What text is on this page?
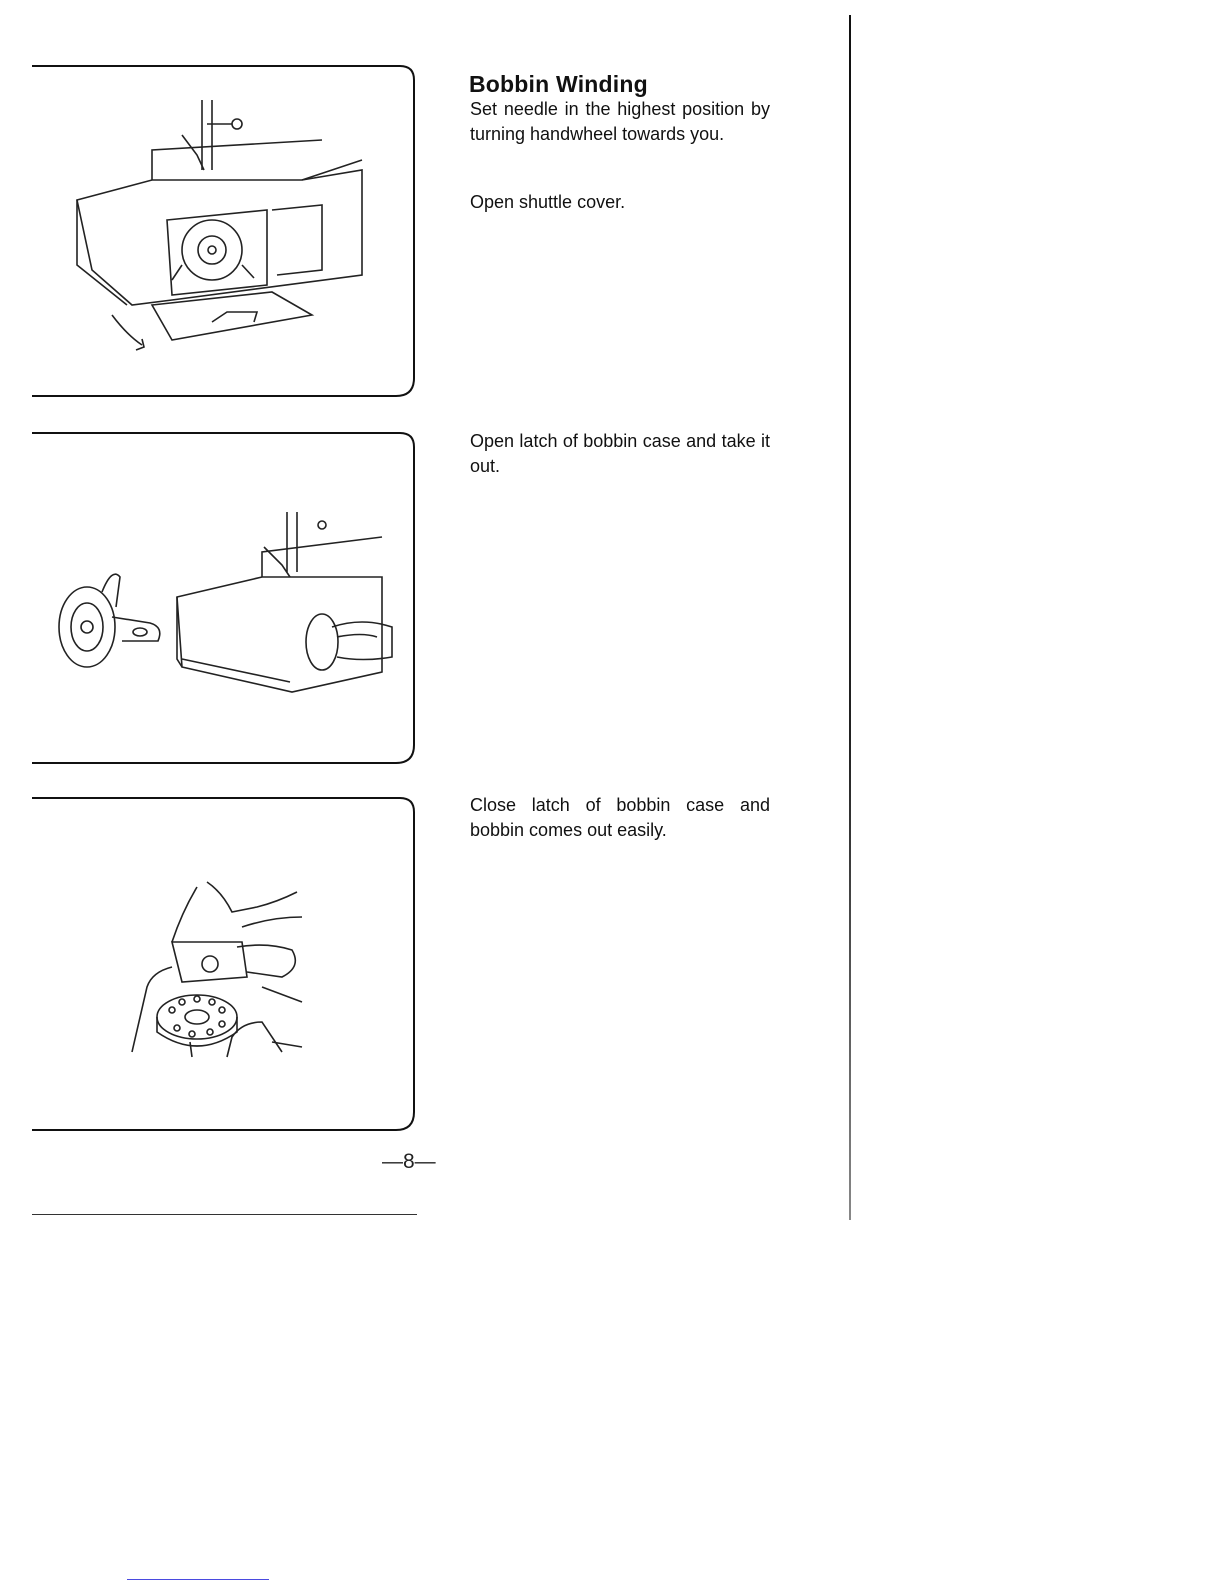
Bobbin Winding

Set needle in the highest position by turning handwheel towards you.

Open shuttle cover.

Open latch of bobbin case and take it out.

Close latch of bobbin case and bobbin comes out easily.

—8—
